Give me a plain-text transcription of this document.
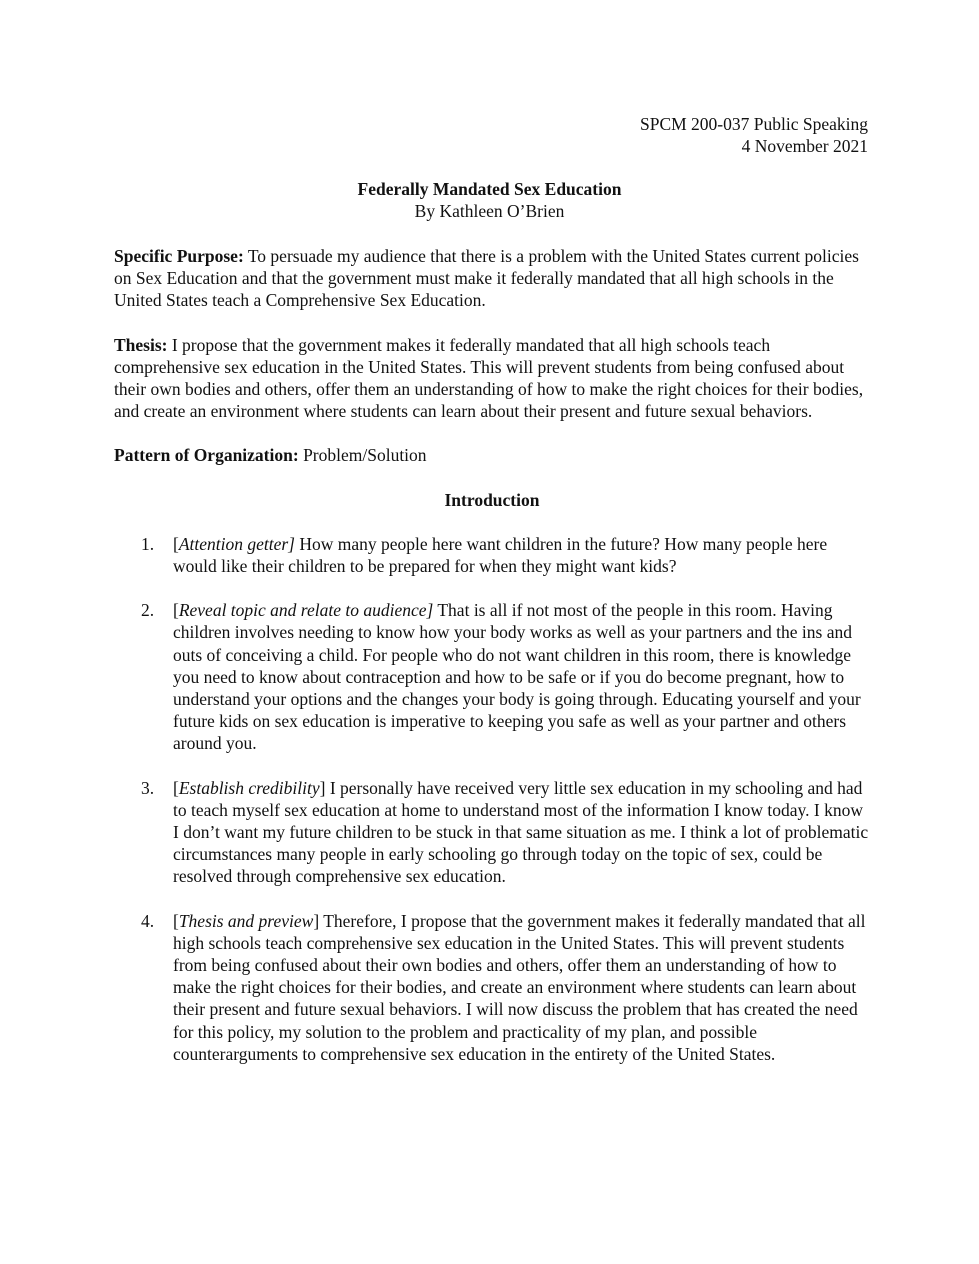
SPCM 200-037 Public Speaking
4 November 2021
Federally Mandated Sex Education
By Kathleen O’Brien

Specific Purpose: To persuade my audience that there is a problem with the United States current policies on Sex Education and that the government must make it federally mandated that all high schools in the United States teach a Comprehensive Sex Education.

Thesis: I propose that the government makes it federally mandated that all high schools teach comprehensive sex education in the United States. This will prevent students from being confused about their own bodies and others, offer them an understanding of how to make the right choices for their bodies, and create an environment where students can learn about their present and future sexual behaviors.

Pattern of Organization: Problem/Solution

Introduction
1. [Attention getter] How many people here want children in the future? How many people here would like their children to be prepared for when they might want kids?
2. [Reveal topic and relate to audience] That is all if not most of the people in this room. Having children involves needing to know how your body works as well as your partners and the ins and outs of conceiving a child. For people who do not want children in this room, there is knowledge you need to know about contraception and how to be safe or if you do become pregnant, how to understand your options and the changes your body is going through. Educating yourself and your future kids on sex education is imperative to keeping you safe as well as your partner and others around you.
3. [Establish credibility] I personally have received very little sex education in my schooling and had to teach myself sex education at home to understand most of the information I know today. I know I don’t want my future children to be stuck in that same situation as me. I think a lot of problematic circumstances many people in early schooling go through today on the topic of sex, could be resolved through comprehensive sex education.
4. [Thesis and preview] Therefore, I propose that the government makes it federally mandated that all high schools teach comprehensive sex education in the United States. This will prevent students from being confused about their own bodies and others, offer them an understanding of how to make the right choices for their bodies, and create an environment where students can learn about their present and future sexual behaviors. I will now discuss the problem that has created the need for this policy, my solution to the problem and practicality of my plan, and possible counterarguments to comprehensive sex education in the entirety of the United States.
